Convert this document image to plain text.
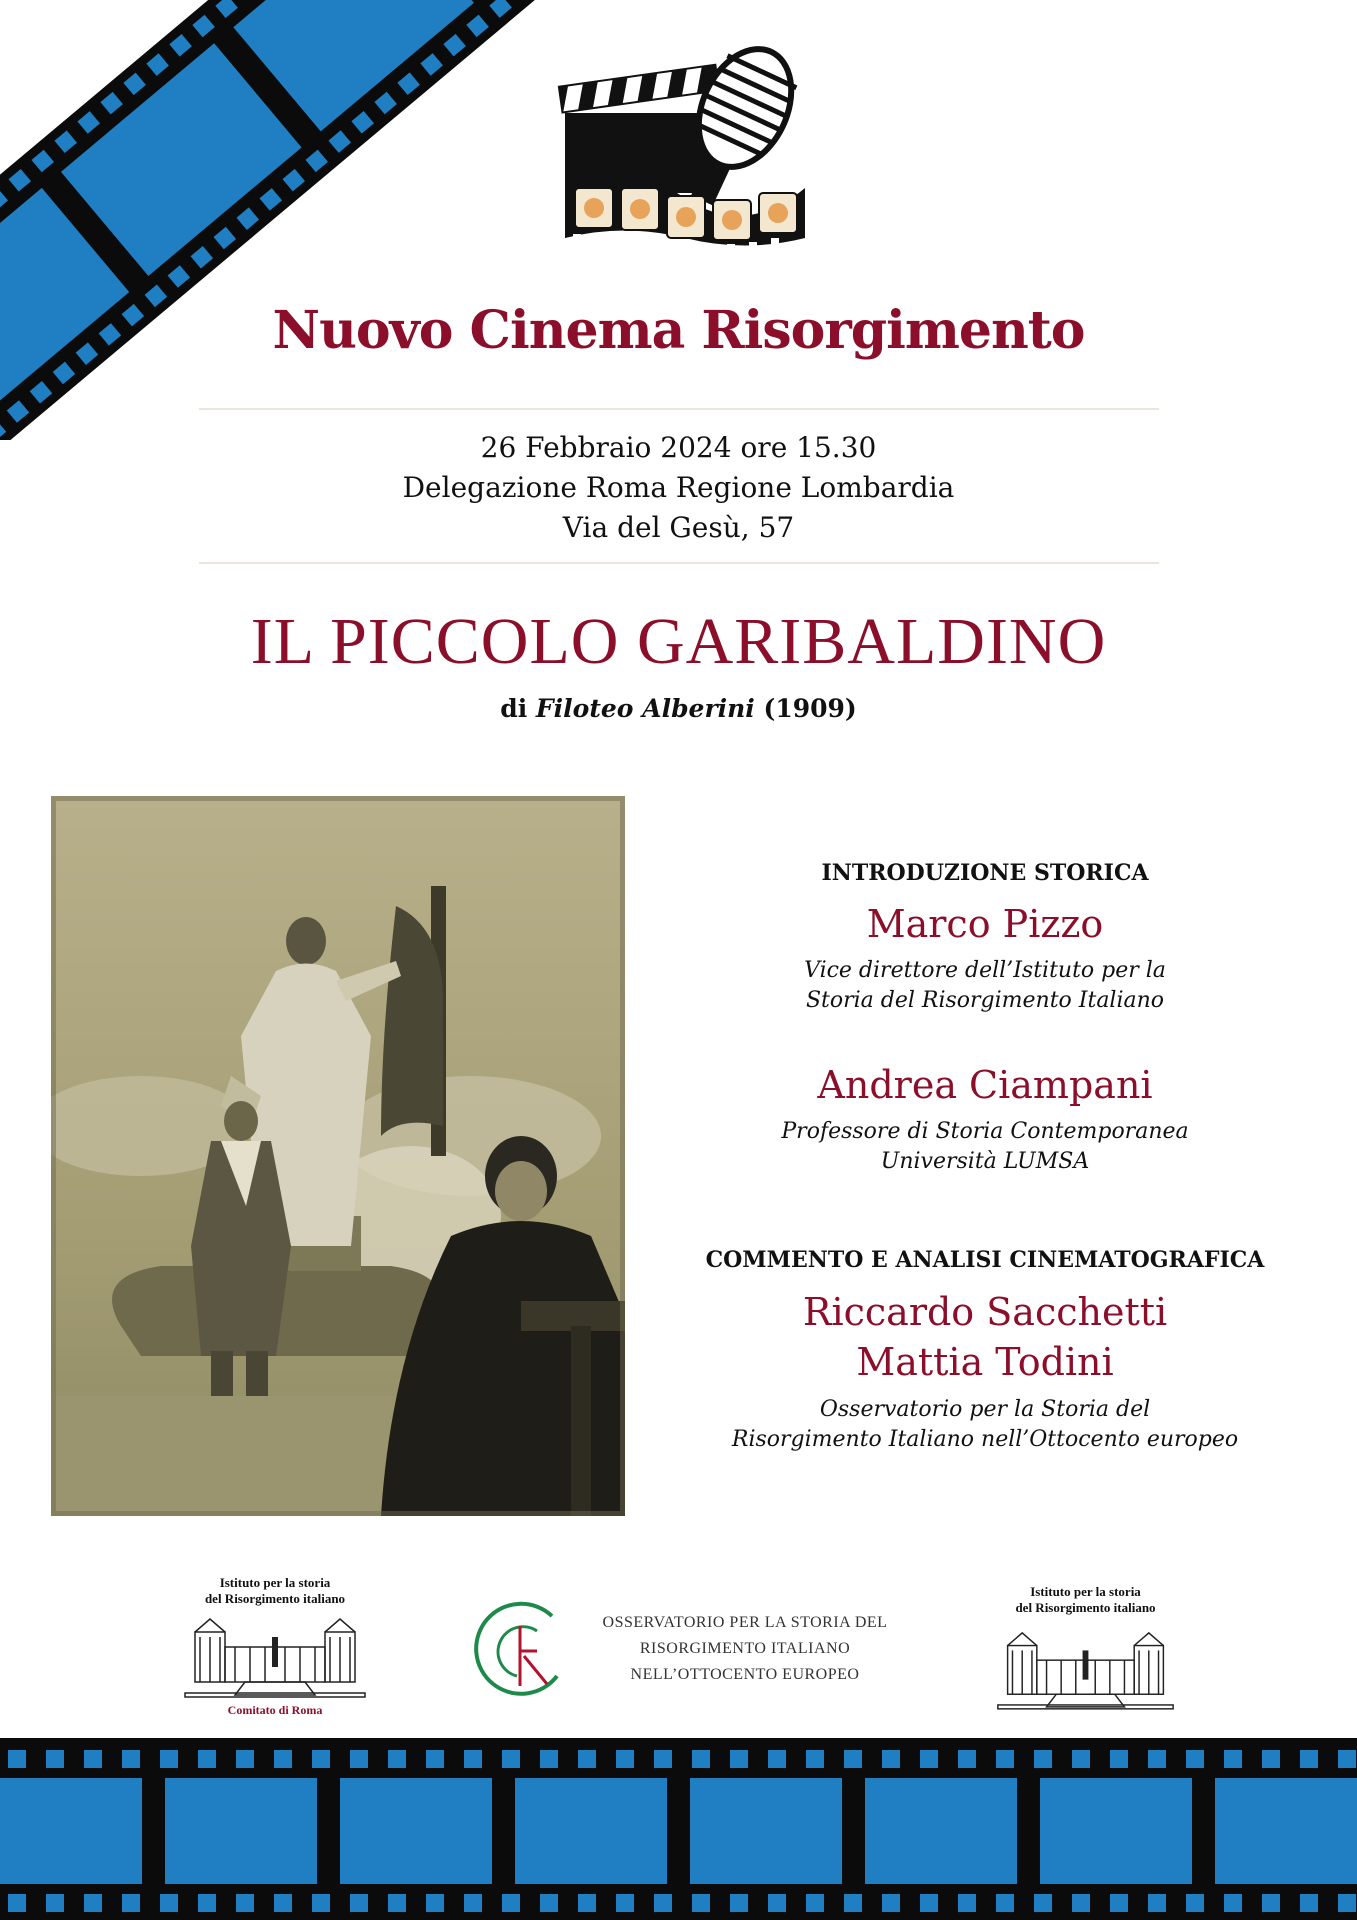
Nuovo Cinema Risorgimento
26 Febbraio 2024 ore 15.30
Delegazione Roma Regione Lombardia
Via del Gesù, 57
IL PICCOLO GARIBALDINO
di Filoteo Alberini (1909)
INTRODUZIONE STORICA
Marco Pizzo
Vice direttore dell’Istituto per la
Storia del Risorgimento Italiano
Andrea Ciampani
Professore di Storia Contemporanea
Università LUMSA
COMMENTO E ANALISI CINEMATOGRAFICA
Riccardo Sacchetti
Mattia Todini
Osservatorio per la Storia del
Risorgimento Italiano nell’Ottocento europeo
Istituto per la storia
del Risorgimento italiano
Comitato di Roma
OSSERVATORIO PER LA STORIA DEL
RISORGIMENTO ITALIANO
NELL’OTTOCENTO EUROPEO
Istituto per la storia
del Risorgimento italiano
